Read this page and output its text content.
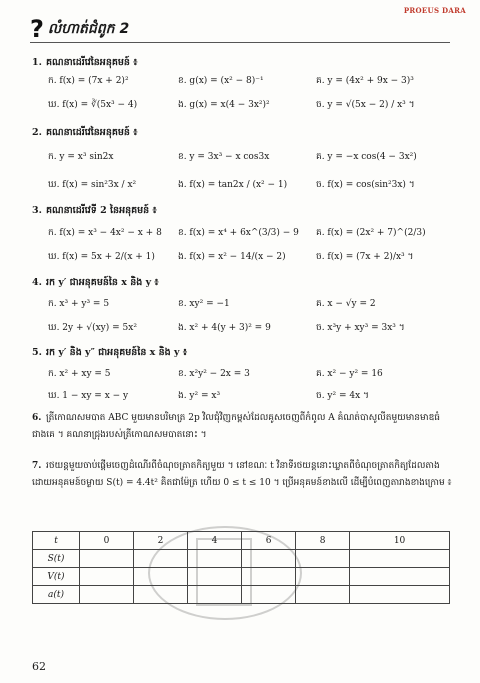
PROEUS DARA
? លំហាត់ជំពូក 2
1. គណនាដេរីវេនៃអនុគមន៍ ៖
ក. f(x) = (7x + 2)²	ខ. g(x) = (x² − 8)⁻¹	គ. y = (4x² + 9x − 3)³
ឃ. f(x) = ∛(5x³ − 4)	ង. g(x) = x(4 − 3x²)²	ច. y = √(5x − 2) / x³ ។
2. គណនាដេរីវេនៃអនុគមន៍ ៖
ក. y = x³ sin2x	ខ. y = 3x³ − x cos3x	គ. y = −x cos(4 − 3x²)
ឃ. f(x) = sin²3x / x²	ង. f(x) = tan2x / (x² − 1)	ច. f(x) = cos(sin²3x) ។
3. គណនាដេរីវេទី 2 នៃអនុគមន៍ ៖
ក. f(x) = x³ − 4x² − x + 8 ខ. f(x) = x⁴ + 6x^(3/3) − 9 គ. f(x) = (2x² + 7)^(2/3)
ឃ. f(x) = 5x + 2/(x + 1)	ង. f(x) = x² − 14/(x − 2)	ច. f(x) = (7x + 2)/x³ ។
4. រក y′ ជាអនុគមន៍នៃ x និង y ៖
ក. x³ + y³ = 5	ខ. xy² = −1	គ. x − √y = 2
ឃ. 2y + √(xy) = 5x²	ង. x² + 4(y + 3)² = 9	ច. x³y + xy³ = 3x³ ។
5. រក y′ និង y″ ជាអនុគមន៍នៃ x និង y ៖
ក. x² + xy = 5	ខ. x²y² − 2x = 3	គ. x² − y² = 16
ឃ. 1 − xy = x − y	ង. y² = x³	ច. y² = 4x ។
6. ត្រីកោណសមបាត ABC មួយមានបរិមាត្រ 2p វិលជុំវិញកម្ពស់ដែលគូសចេញពីកំពូល A គំណត់បាសូលីតមួយមានមាឌធំជាងគេ ។ គណនាជ្រុងរបស់ត្រីកោណសមបាតនោះ ។
7. រថយន្តមួយចាប់ផ្ដើមចេញដំណើរពីចំណុចត្រាតកិត្យមួយ ។ នៅខណៈ t វិនាទីរថយន្តនោះឃ្លាតពីចំណុចត្រាតកិត្យដែលតាងដោយអនុគមន៍ចម្ងាយ S(t) = 4.4t² គិតជាម៉ែត្រ ហើយ 0 ≤ t ≤ 10 ។ ប្រើអនុគមន៍ខាងលើ ដើម្បីបំពេញតារាងខាងក្រោម ៖
t	0	2	4	6	8	10
S(t)						
V(t)						
a(t)						
62
